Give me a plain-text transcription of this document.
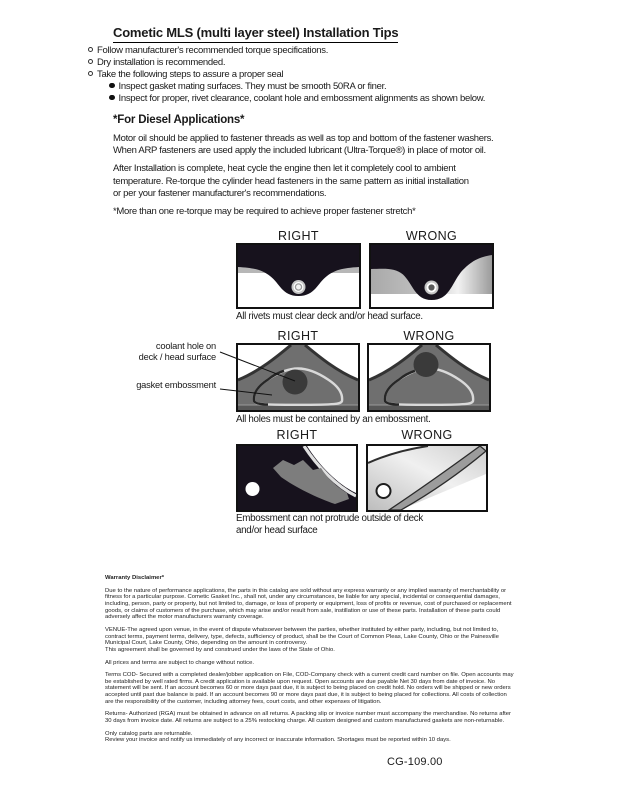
Cometic MLS (multi layer steel) Installation Tips
Follow manufacturer's recommended torque specifications.
Dry installation is recommended.
Take the following steps to assure a proper seal
Inspect gasket mating surfaces. They must be smooth 50RA or finer.
Inspect for proper, rivet clearance, coolant hole and embossment alignments as shown below.
*For Diesel Applications*
Motor oil should be applied to fastener threads as well as top and bottom of the fastener washers.
When ARP fasteners are used apply the included lubricant (Ultra-Torque®) in place of motor oil.
After Installation is complete, heat cycle the engine then let it completely cool to ambient
temperature. Re-torque the cylinder head fasteners in the same pattern as initial installation
or per your fastener manufacturer's recommendations.
*More than one re-torque may be required to achieve proper fastener stretch*
RIGHT	WRONG
All rivets must clear deck and/or head surface.
RIGHT	WRONG
coolant hole on
deck / head surface
gasket embossment
All holes must be contained by an embossment.
RIGHT	WRONG
Embossment can not protrude outside of deck
and/or head surface
Warranty Disclaimer*
Due to the nature of performance applications, the parts in this catalog are sold without any express warranty or any implied warranty of merchantability or
fitness for a particular purpose. Cometic Gasket Inc., shall not, under any circumstances, be liable for any special, incidental or consequential damages,
including, person, party or property, but not limited to, damage, or loss of property or equipment, loss of profits or revenue, cost of purchased or replacement
goods, or claims of customers of the purchase, which may arise and/or result from sale, instillation or use of these parts. Installation of these parts could
adversely affect the motor manufacturers warranty coverage.
VENUE-The agreed upon venue, in the event of dispute whatsoever between the parties, whether instituted by either party, including, but not limited to,
contract terms, payment terms, delivery, type, defects, sufficiency of product, shall be the Court of Common Pleas, Lake County, Ohio or the Painesville
Municipal Court, Lake County, Ohio, depending on the amount in controversy.
This agreement shall be governed by and construed under the laws of the State of Ohio.
All prices and terms are subject to change without notice.
Terms COD- Secured with a completed dealer/jobber application on File, COD-Company check with a current credit card number on file. Open accounts may
be established by well rated firms. A credit application is available upon request. Open accounts are due payable Net 30 days from date of invoice. No
statement will be sent. If an account becomes 60 or more days past due, it is subject to being placed on credit hold. No orders will be shipped or new orders
accepted until past due balance is paid. If an account becomes 90 or more days past due, it is subject to being placed for collections. All costs of collection
are the responsibility of the customer, including attorney fees, court costs, and other expenses of litigation.
Returns- Authorized (RGA) must be obtained in advance on all returns. A packing slip or invoice number must accompany the merchandise. No returns after
30 days from invoice date. All returns are subject to a 25% restocking charge. All custom designed and custom manufactured gaskets are non-returnable.
Only catalog parts are returnable.
Review your invoice and notify us immediately of any incorrect or inaccurate information. Shortages must be reported within 10 days.
CG-109.00
